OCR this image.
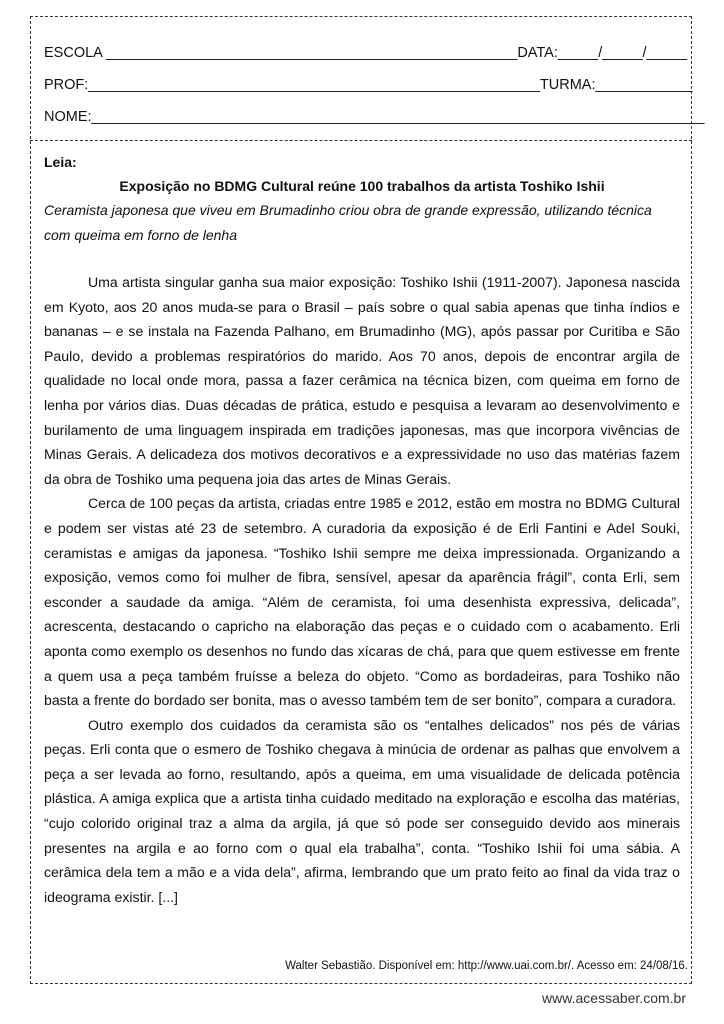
ESCOLA ___________________________________________________DATA:_____/_____/_____
PROF:________________________________________________________TURMA:____________
NOME:____________________________________________________________________________

Leia:

Exposição no BDMG Cultural reúne 100 trabalhos da artista Toshiko Ishii

Ceramista japonesa que viveu em Brumadinho criou obra de grande expressão, utilizando técnica com queima em forno de lenha

Uma artista singular ganha sua maior exposição: Toshiko Ishii (1911-2007). Japonesa nascida em Kyoto, aos 20 anos muda-se para o Brasil – país sobre o qual sabia apenas que tinha índios e bananas – e se instala na Fazenda Palhano, em Brumadinho (MG), após passar por Curitiba e São Paulo, devido a problemas respiratórios do marido. Aos 70 anos, depois de encontrar argila de qualidade no local onde mora, passa a fazer cerâmica na técnica bizen, com queima em forno de lenha por vários dias. Duas décadas de prática, estudo e pesquisa a levaram ao desenvolvimento e burilamento de uma linguagem inspirada em tradições japonesas, mas que incorpora vivências de Minas Gerais. A delicadeza dos motivos decorativos e a expressividade no uso das matérias fazem da obra de Toshiko uma pequena joia das artes de Minas Gerais.

Cerca de 100 peças da artista, criadas entre 1985 e 2012, estão em mostra no BDMG Cultural e podem ser vistas até 23 de setembro. A curadoria da exposição é de Erli Fantini e Adel Souki, ceramistas e amigas da japonesa. “Toshiko Ishii sempre me deixa impressionada. Organizando a exposição, vemos como foi mulher de fibra, sensível, apesar da aparência frágil”, conta Erli, sem esconder a saudade da amiga. “Além de ceramista, foi uma desenhista expressiva, delicada”, acrescenta, destacando o capricho na elaboração das peças e o cuidado com o acabamento. Erli aponta como exemplo os desenhos no fundo das xícaras de chá, para que quem estivesse em frente a quem usa a peça também fruísse a beleza do objeto. “Como as bordadeiras, para Toshiko não basta a frente do bordado ser bonita, mas o avesso também tem de ser bonito”, compara a curadora.

Outro exemplo dos cuidados da ceramista são os “entalhes delicados” nos pés de várias peças. Erli conta que o esmero de Toshiko chegava à minúcia de ordenar as palhas que envolvem a peça a ser levada ao forno, resultando, após a queima, em uma visualidade de delicada potência plástica. A amiga explica que a artista tinha cuidado meditado na exploração e escolha das matérias, “cujo colorido original traz a alma da argila, já que só pode ser conseguido devido aos minerais presentes na argila e ao forno com o qual ela trabalha”, conta. “Toshiko Ishii foi uma sábia. A cerâmica dela tem a mão e a vida dela”, afirma, lembrando que um prato feito ao final da vida traz o ideograma existir. [...]

Walter Sebastião. Disponível em: http://www.uai.com.br/. Acesso em: 24/08/16.
www.acessaber.com.br
